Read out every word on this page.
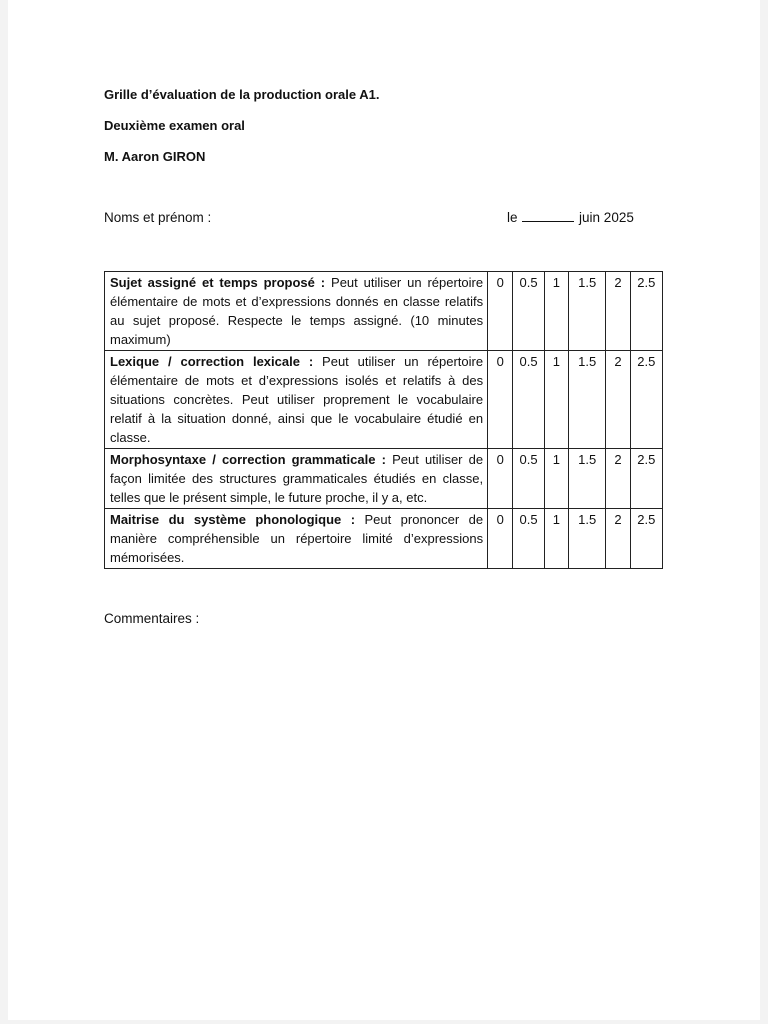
Grille d’évaluation de la production orale A1.
Deuxième examen oral
M. Aaron GIRON
Noms et prénom :	le	juin 2025
Sujet assigné et temps proposé : Peut utiliser un répertoire élémentaire de mots et d’expressions donnés en classe relatifs au sujet proposé. Respecte le temps assigné. (10 minutes maximum)	0	0.5	1	1.5	2	2.5
Lexique / correction lexicale : Peut utiliser un répertoire élémentaire de mots et d’expressions isolés et relatifs à des situations concrètes. Peut utiliser proprement le vocabulaire relatif à la situation donné, ainsi que le vocabulaire étudié en classe.	0	0.5	1	1.5	2	2.5
Morphosyntaxe / correction grammaticale : Peut utiliser de façon limitée des structures grammaticales étudiés en classe, telles que le présent simple, le future proche, il y a, etc.	0	0.5	1	1.5	2	2.5
Maitrise du système phonologique : Peut prononcer de manière compréhensible un répertoire limité d’expressions mémorisées.	0	0.5	1	1.5	2	2.5
Commentaires :
